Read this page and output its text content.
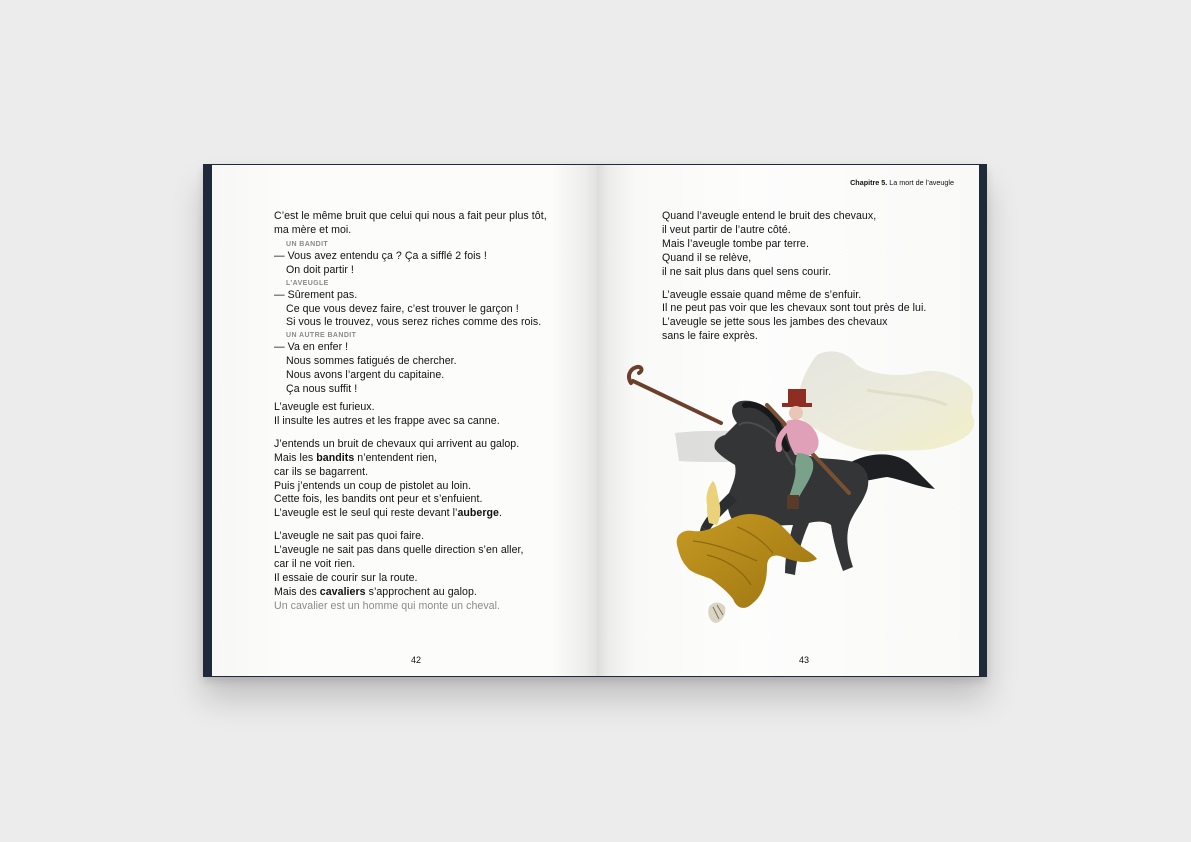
C’est le même bruit que celui qui nous a fait peur plus tôt,
ma mère et moi.
UN BANDIT
— Vous avez entendu ça ? Ça a sifflé 2 fois !
On doit partir !
L’AVEUGLE
— Sûrement pas.
Ce que vous devez faire, c’est trouver le garçon !
Si vous le trouvez, vous serez riches comme des rois.
UN AUTRE BANDIT
— Va en enfer !
Nous sommes fatigués de chercher.
Nous avons l’argent du capitaine.
Ça nous suffit !
L’aveugle est furieux.
Il insulte les autres et les frappe avec sa canne.
J’entends un bruit de chevaux qui arrivent au galop.
Mais les bandits n’entendent rien,
car ils se bagarrent.
Puis j’entends un coup de pistolet au loin.
Cette fois, les bandits ont peur et s’enfuient.
L’aveugle est le seul qui reste devant l’auberge.
L’aveugle ne sait pas quoi faire.
L’aveugle ne sait pas dans quelle direction s’en aller,
car il ne voit rien.
Il essaie de courir sur la route.
Mais des cavaliers s’approchent au galop.
Un cavalier est un homme qui monte un cheval.
42
Chapitre 5. La mort de l’aveugle
Quand l’aveugle entend le bruit des chevaux,
il veut partir de l’autre côté.
Mais l’aveugle tombe par terre.
Quand il se relève,
il ne sait plus dans quel sens courir.
L’aveugle essaie quand même de s’enfuir.
Il ne peut pas voir que les chevaux sont tout près de lui.
L’aveugle se jette sous les jambes des chevaux
sans le faire exprès.
43
